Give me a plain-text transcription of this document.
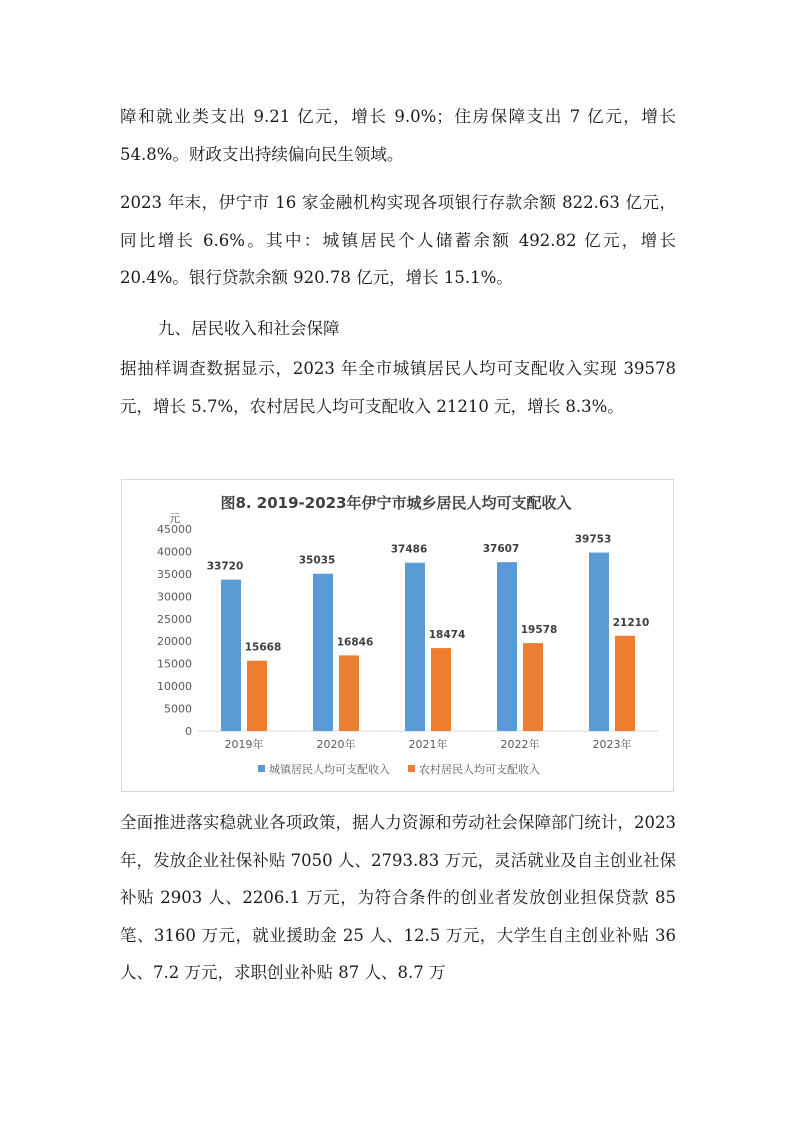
障和就业类支出 9.21 亿元，增长 9.0%；住房保障支出 7 亿元，增长 54.8%。财政支出持续偏向民生领域。

2023 年末，伊宁市 16 家金融机构实现各项银行存款余额 822.63 亿元，同比增长 6.6%。其中：城镇居民个人储蓄余额 492.82 亿元，增长 20.4%。银行贷款余额 920.78 亿元，增长 15.1%。

九、居民收入和社会保障

据抽样调查数据显示，2023 年全市城镇居民人均可支配收入实现 39578 元，增长 5.7%，农村居民人均可支配收入 21210 元，增长 8.3%。

图8. 2019-2023年伊宁市城乡居民人均可支配收入
元
0
5000
10000
15000
20000
25000
30000
35000
40000
45000
33720
15668
35035
16846
37486
18474
37607
19578
39753
21210
2019年	2020年	2021年	2022年	2023年
城镇居民人均可支配收入	农村居民人均可支配收入

全面推进落实稳就业各项政策，据人力资源和劳动社会保障部门统计，2023 年，发放企业社保补贴 7050 人、2793.83 万元，灵活就业及自主创业社保补贴 2903 人、2206.1 万元，为符合条件的创业者发放创业担保贷款 85 笔、3160 万元，就业援助金 25 人、12.5 万元，大学生自主创业补贴 36 人、7.2 万元，求职创业补贴 87 人、8.7 万
